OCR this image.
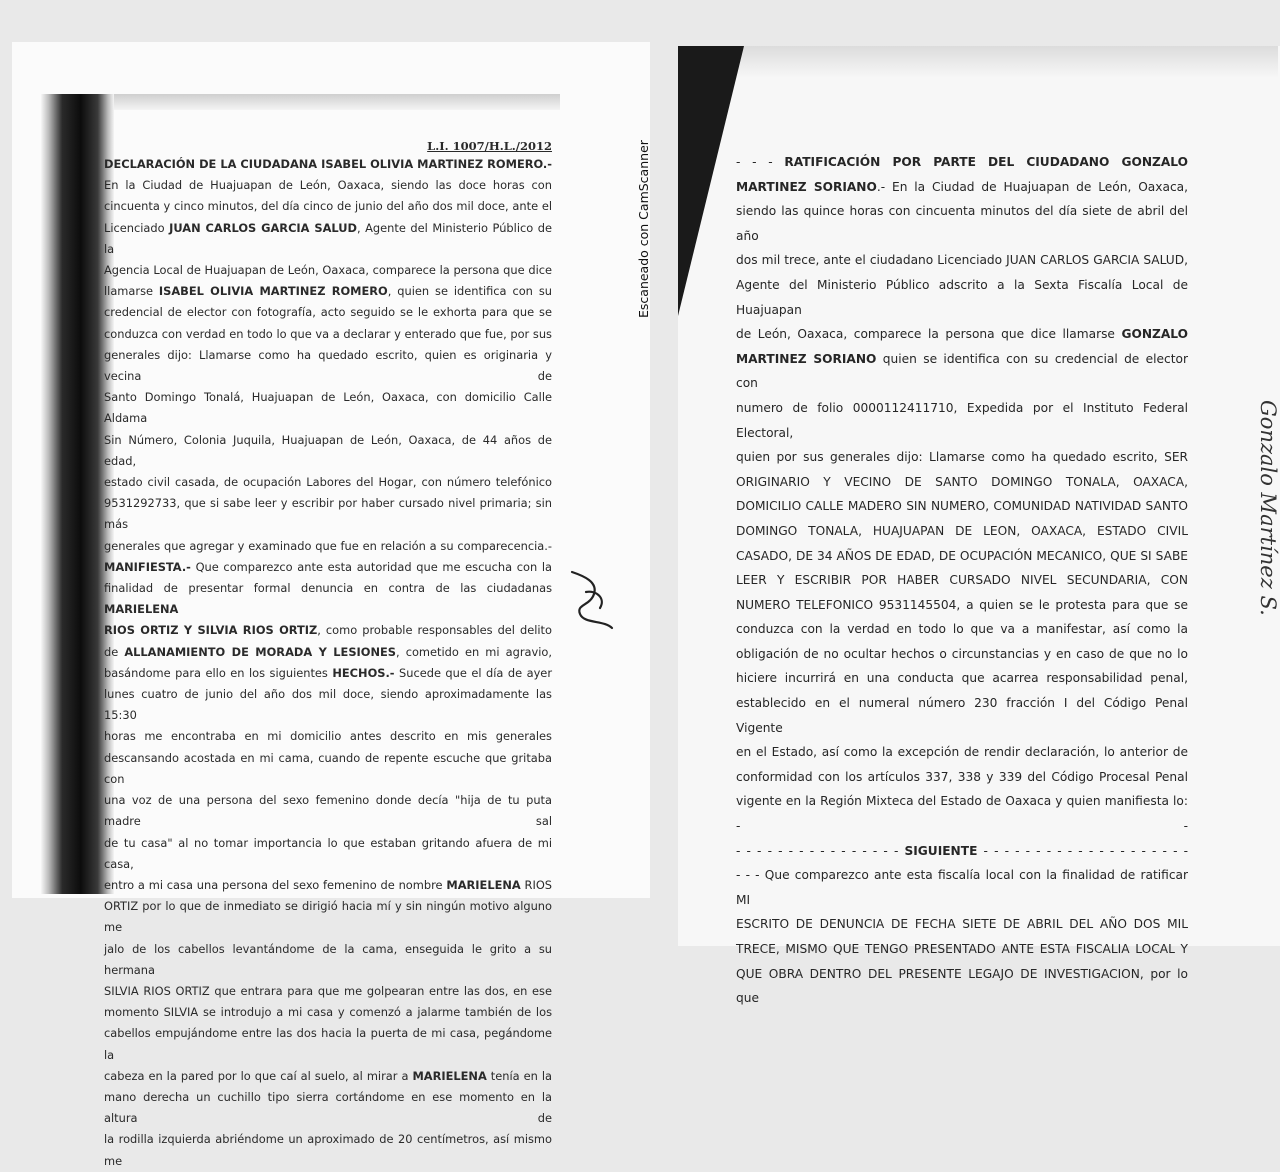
L.I. 1007/H.L./2012

DECLARACIÓN DE LA CIUDADANA ISABEL OLIVIA MARTINEZ ROMERO.-

En la Ciudad de Huajuapan de León, Oaxaca, siendo las doce horas con

cincuenta y cinco minutos, del día cinco de junio del año dos mil doce, ante el

Licenciado JUAN CARLOS GARCIA SALUD, Agente del Ministerio Público de la

Agencia Local de Huajuapan de León, Oaxaca, comparece la persona que dice

llamarse ISABEL OLIVIA MARTINEZ ROMERO, quien se identifica con su

credencial de elector con fotografía, acto seguido se le exhorta para que se

conduzca con verdad en todo lo que va a declarar y enterado que fue, por sus

generales dijo: Llamarse como ha quedado escrito, quien es originaria y vecina de

Santo Domingo Tonalá, Huajuapan de León, Oaxaca, con domicilio Calle Aldama

Sin Número, Colonia Juquila, Huajuapan de León, Oaxaca, de 44 años de edad,

estado civil casada, de ocupación Labores del Hogar, con número telefónico

9531292733, que si sabe leer y escribir por haber cursado nivel primaria; sin más

generales que agregar y examinado que fue en relación a su comparecencia.-

MANIFIESTA.- Que comparezco ante esta autoridad que me escucha con la

finalidad de presentar formal denuncia en contra de las ciudadanas MARIELENA

RIOS ORTIZ Y SILVIA RIOS ORTIZ, como probable responsables del delito

de ALLANAMIENTO DE MORADA Y LESIONES, cometido en mi agravio,

basándome para ello en los siguientes HECHOS.- Sucede que el día de ayer

lunes cuatro de junio del año dos mil doce, siendo aproximadamente las 15:30

horas me encontraba en mi domicilio antes descrito en mis generales

descansando acostada en mi cama, cuando de repente escuche que gritaba con

una voz de una persona del sexo femenino donde decía "hija de tu puta madre sal

de tu casa" al no tomar importancia lo que estaban gritando afuera de mi casa,

entro a mi casa una persona del sexo femenino de nombre MARIELENA RIOS

ORTIZ por lo que de inmediato se dirigió hacia mí y sin ningún motivo alguno me

jalo de los cabellos levantándome de la cama, enseguida le grito a su hermana

SILVIA RIOS ORTIZ que entrara para que me golpearan entre las dos, en ese

momento SILVIA se introdujo a mi casa y comenzó a jalarme también de los

cabellos empujándome entre las dos hacia la puerta de mi casa, pegándome la

cabeza en la pared por lo que caí al suelo, al mirar a MARIELENA tenía en la

mano derecha un cuchillo tipo sierra cortándome en ese momento en la altura de

la rodilla izquierda abriéndome un aproximado de 20 centímetros, así mismo me

Escaneado con CamScanner	- - - RATIFICACIÓN POR PARTE DEL CIUDADANO GONZALO

MARTINEZ SORIANO.- En la Ciudad de Huajuapan de León, Oaxaca,

siendo las quince horas con cincuenta minutos del día siete de abril del año

dos mil trece, ante el ciudadano Licenciado JUAN CARLOS GARCIA SALUD,

Agente del Ministerio Público adscrito a la Sexta Fiscalía Local de Huajuapan

de León, Oaxaca, comparece la persona que dice llamarse GONZALO

MARTINEZ SORIANO quien se identifica con su credencial de elector con

numero de folio 0000112411710, Expedida por el Instituto Federal Electoral,

quien por sus generales dijo: Llamarse como ha quedado escrito, SER

ORIGINARIO Y VECINO DE SANTO DOMINGO TONALA, OAXACA,

DOMICILIO CALLE MADERO SIN NUMERO, COMUNIDAD NATIVIDAD SANTO

DOMINGO TONALA, HUAJUAPAN DE LEON, OAXACA, ESTADO CIVIL

CASADO, DE 34 AÑOS DE EDAD, DE OCUPACIÓN MECANICO, QUE SI SABE

LEER Y ESCRIBIR POR HABER CURSADO NIVEL SECUNDARIA, CON

NUMERO TELEFONICO 9531145504, a quien se le protesta para que se

conduzca con la verdad en todo lo que va a manifestar, así como la

obligación de no ocultar hechos o circunstancias y en caso de que no lo

hiciere incurrirá en una conducta que acarrea responsabilidad penal,

establecido en el numeral número 230 fracción I del Código Penal Vigente

en el Estado, así como la excepción de rendir declaración, lo anterior de

conformidad con los artículos 337, 338 y 339 del Código Procesal Penal

vigente en la Región Mixteca del Estado de Oaxaca y quien manifiesta lo: - -

- - - - - - - - - - - - - - - - SIGUIENTE - - - - - - - - - - - - - - - - - - - -

- - - Que comparezco ante esta fiscalía local con la finalidad de ratificar MI

ESCRITO DE DENUNCIA DE FECHA SIETE DE ABRIL DEL AÑO DOS MIL

TRECE, MISMO QUE TENGO PRESENTADO ANTE ESTA FISCALIA LOCAL Y

QUE OBRA DENTRO DEL PRESENTE LEGAJO DE INVESTIGACION, por lo que

Gonzalo Martínez S.
